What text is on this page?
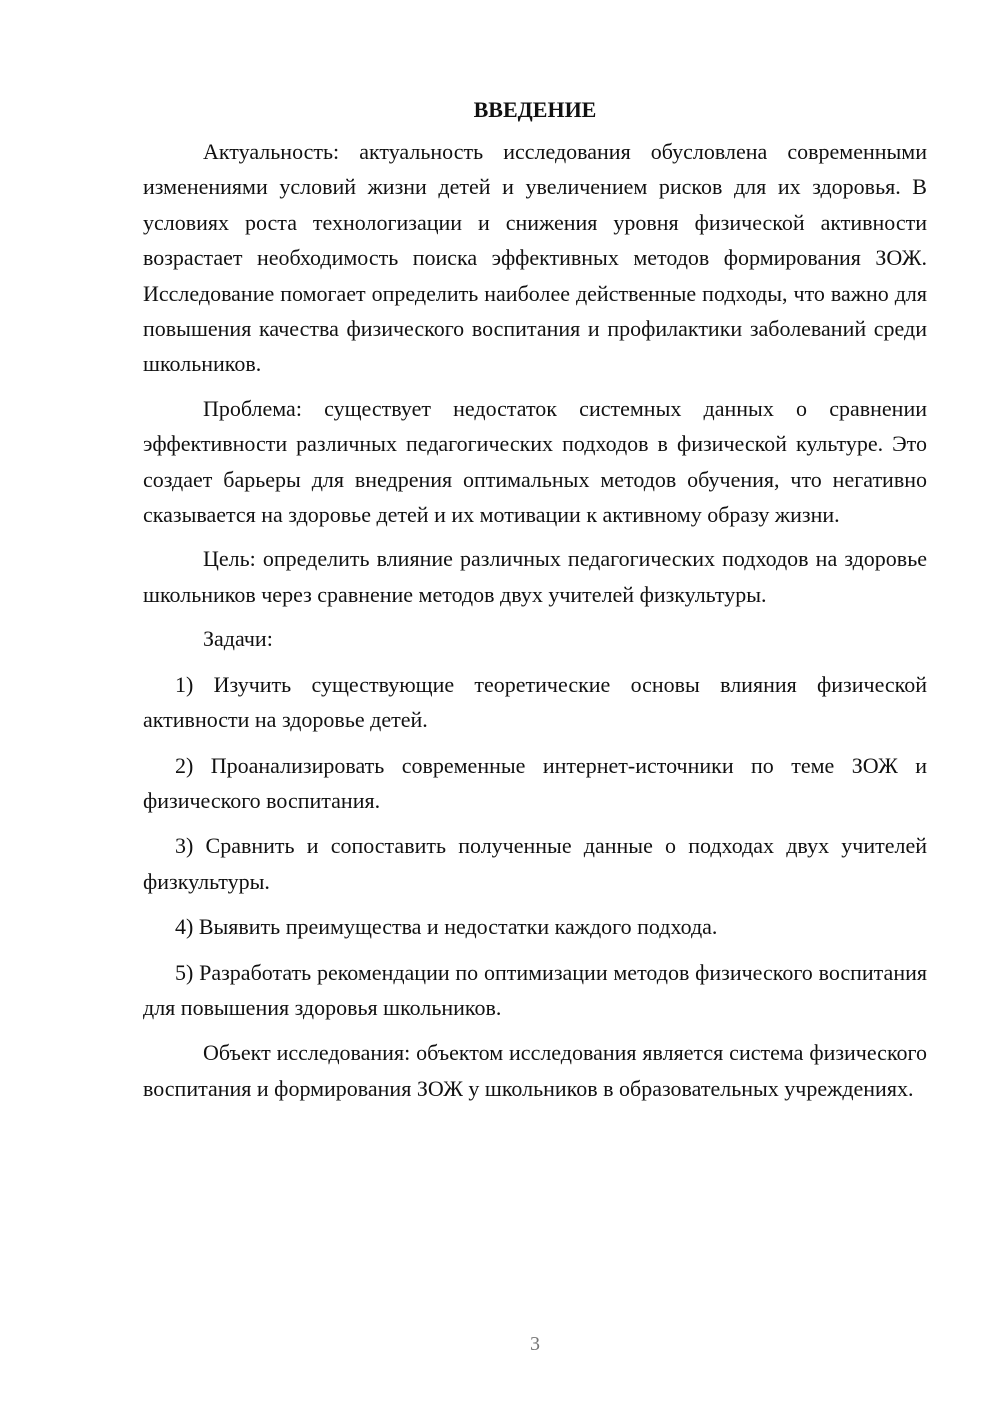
ВВЕДЕНИЕ

Актуальность: актуальность исследования обусловлена современными изменениями условий жизни детей и увеличением рисков для их здоровья. В условиях роста технологизации и снижения уровня физической активности возрастает необходимость поиска эффективных методов формирования ЗОЖ. Исследование помогает определить наиболее действенные подходы, что важно для повышения качества физического воспитания и профилактики заболеваний среди школьников.

Проблема: существует недостаток системных данных о сравнении эффективности различных педагогических подходов в физической культуре. Это создает барьеры для внедрения оптимальных методов обучения, что негативно сказывается на здоровье детей и их мотивации к активному образу жизни.

Цель: определить влияние различных педагогических подходов на здоровье школьников через сравнение методов двух учителей физкультуры.

Задачи:

1) Изучить существующие теоретические основы влияния физической активности на здоровье детей.

2) Проанализировать современные интернет-источники по теме ЗОЖ и физического воспитания.

3) Сравнить и сопоставить полученные данные о подходах двух учителей физкультуры.

4) Выявить преимущества и недостатки каждого подхода.

5) Разработать рекомендации по оптимизации методов физического воспитания для повышения здоровья школьников.

Объект исследования: объектом исследования является система физического воспитания и формирования ЗОЖ у школьников в образовательных учреждениях.

3
